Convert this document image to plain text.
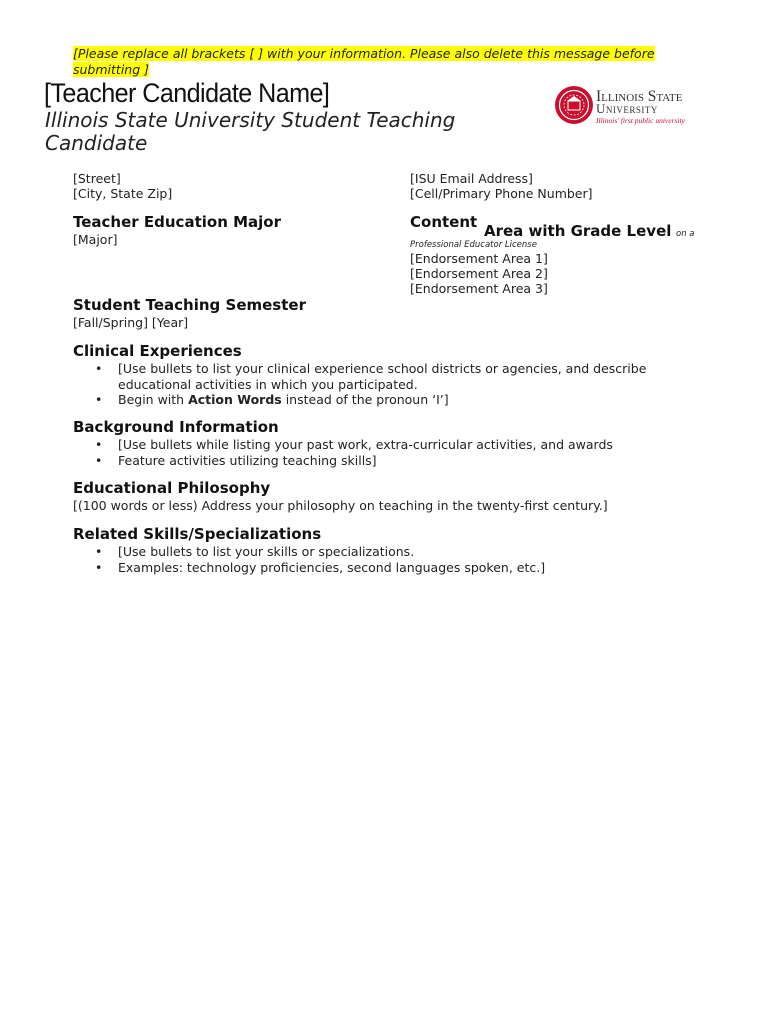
[Please replace all brackets [ ] with your information. Please also delete this message before submitting ]
[Teacher Candidate Name]
Illinois State University Student Teaching Candidate
Illinois State
University
Illinois' first public university
[Street]
[City, State Zip]
[ISU Email Address]
[Cell/Primary Phone Number]
Teacher Education Major
[Major]
Content Area with Grade Level on a
Professional Educator License
[Endorsement Area 1]
[Endorsement Area 2]
[Endorsement Area 3]
Student Teaching Semester
[Fall/Spring] [Year]
Clinical Experiences
• [Use bullets to list your clinical experience school districts or agencies, and describe educational activities in which you participated.
• Begin with Action Words instead of the pronoun ‘I’]
Background Information
• [Use bullets while listing your past work, extra-curricular activities, and awards
• Feature activities utilizing teaching skills]
Educational Philosophy
[(100 words or less) Address your philosophy on teaching in the twenty-first century.]
Related Skills/Specializations
• [Use bullets to list your skills or specializations.
• Examples: technology proficiencies, second languages spoken, etc.]
